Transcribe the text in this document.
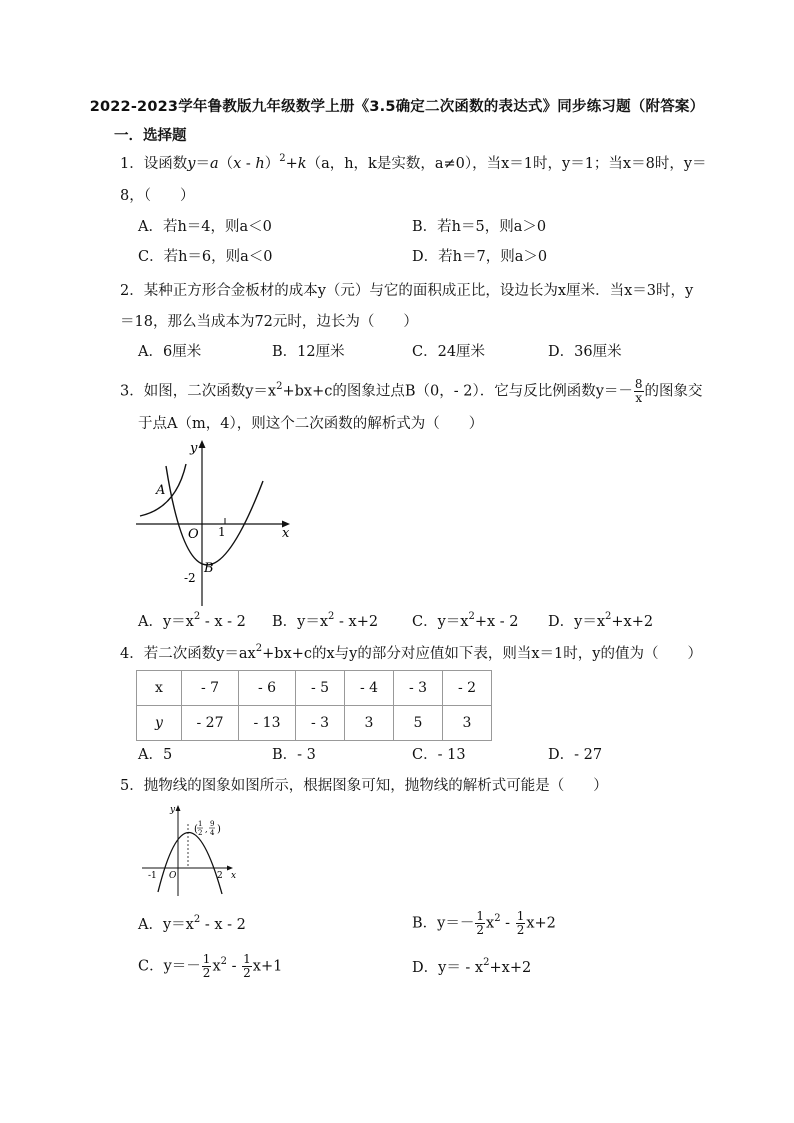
2022-2023学年鲁教版九年级数学上册《3.5确定二次函数的表达式》同步练习题（附答案）
一．选择题
1．设函数y＝a（x - h）$^2$+k（a，h，k是实数，a≠0），当x＝1时，y＝1；当x＝8时，y＝
8，（　　）
A．若h＝4，则a＜0	B．若h＝5，则a＞0
C．若h＝6，则a＜0	D．若h＝7，则a＞0
2．某种正方形合金板材的成本y（元）与它的面积成正比，设边长为x厘米．当x＝3时，y
＝18，那么当成本为72元时，边长为（　　）
A．6厘米	B．12厘米	C．24厘米	D．36厘米
3．如图，二次函数$y=x^2+bx+c$的图象过点B（0，- 2）．它与反比例函数$y=- \frac{8}{x}$ 的图象交
于点A（m，4），则这个二次函数的解析式为（　　）
A
O 1	x
y
B
-2
A．$y=x^2 - x - 2$ B．$y=x^2 - x+2$ C．$y=x^2+x - 2$ D．$y=x^2+x+2$
4．若二次函数$y=ax^2+bx+c$的x与y的部分对应值如下表，则当x＝1时，y的值为（　　）
x	- 7	- 6	- 5	- 4	- 3	- 2
y	- 27	- 13	- 3	3	5	3
A．5	B．- 3	C．- 13	D．- 27
5．抛物线的图象如图所示，根据图象可知，抛物线的解析式可能是（　　）
y
x
O
-1	2
( 1
2 ,
9
4 )
A．$y=x^2 - x - 2$	B．$y=- \frac{1}{2} x^2 - \frac{1}{2} x+2$
C．$y=- \frac{1}{2} x^2 - \frac{1}{2} x+1$	D．$y= - x^2+x+2$
